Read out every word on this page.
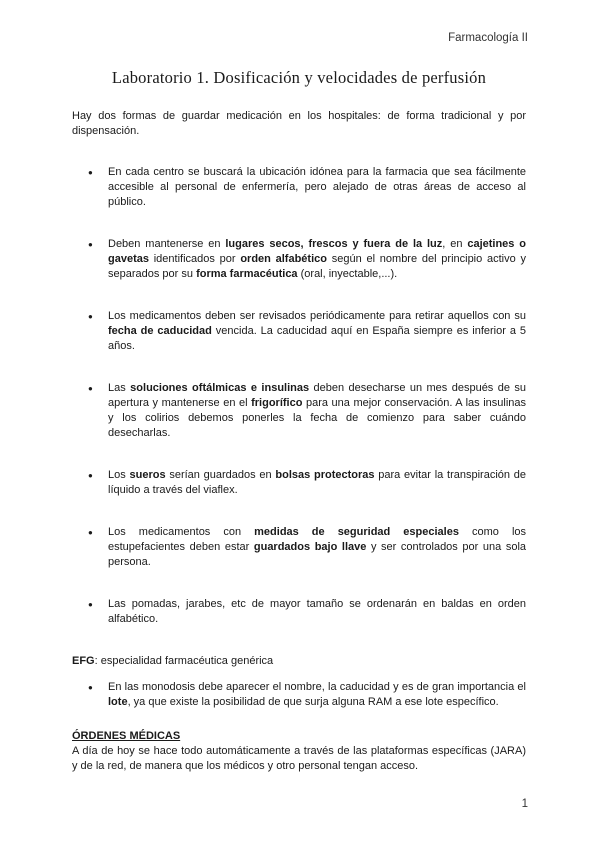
Farmacología II
Laboratorio 1. Dosificación y velocidades de perfusión

Hay dos formas de guardar medicación en los hospitales: de forma tradicional y por dispensación.

● En cada centro se buscará la ubicación idónea para la farmacia que sea fácilmente accesible al personal de enfermería, pero alejado de otras áreas de acceso al público.
● Deben mantenerse en lugares secos, frescos y fuera de la luz, en cajetines o gavetas identificados por orden alfabético según el nombre del principio activo y separados por su forma farmacéutica (oral, inyectable,...).
● Los medicamentos deben ser revisados periódicamente para retirar aquellos con su fecha de caducidad vencida. La caducidad aquí en España siempre es inferior a 5 años.
● Las soluciones oftálmicas e insulinas deben desecharse un mes después de su apertura y mantenerse en el frigorífico para una mejor conservación. A las insulinas y los colirios debemos ponerles la fecha de comienzo para saber cuándo desecharlas.
● Los sueros serían guardados en bolsas protectoras para evitar la transpiración de líquido a través del viaflex.
● Los medicamentos con medidas de seguridad especiales como los estupefacientes deben estar guardados bajo llave y ser controlados por una sola persona.
● Las pomadas, jarabes, etc de mayor tamaño se ordenarán en baldas en orden alfabético.

EFG: especialidad farmacéutica genérica

● En las monodosis debe aparecer el nombre, la caducidad y es de gran importancia el lote, ya que existe la posibilidad de que surja alguna RAM a ese lote específico.

ÓRDENES MÉDICAS

A día de hoy se hace todo automáticamente a través de las plataformas específicas (JARA) y de la red, de manera que los médicos y otro personal tengan acceso.

1
